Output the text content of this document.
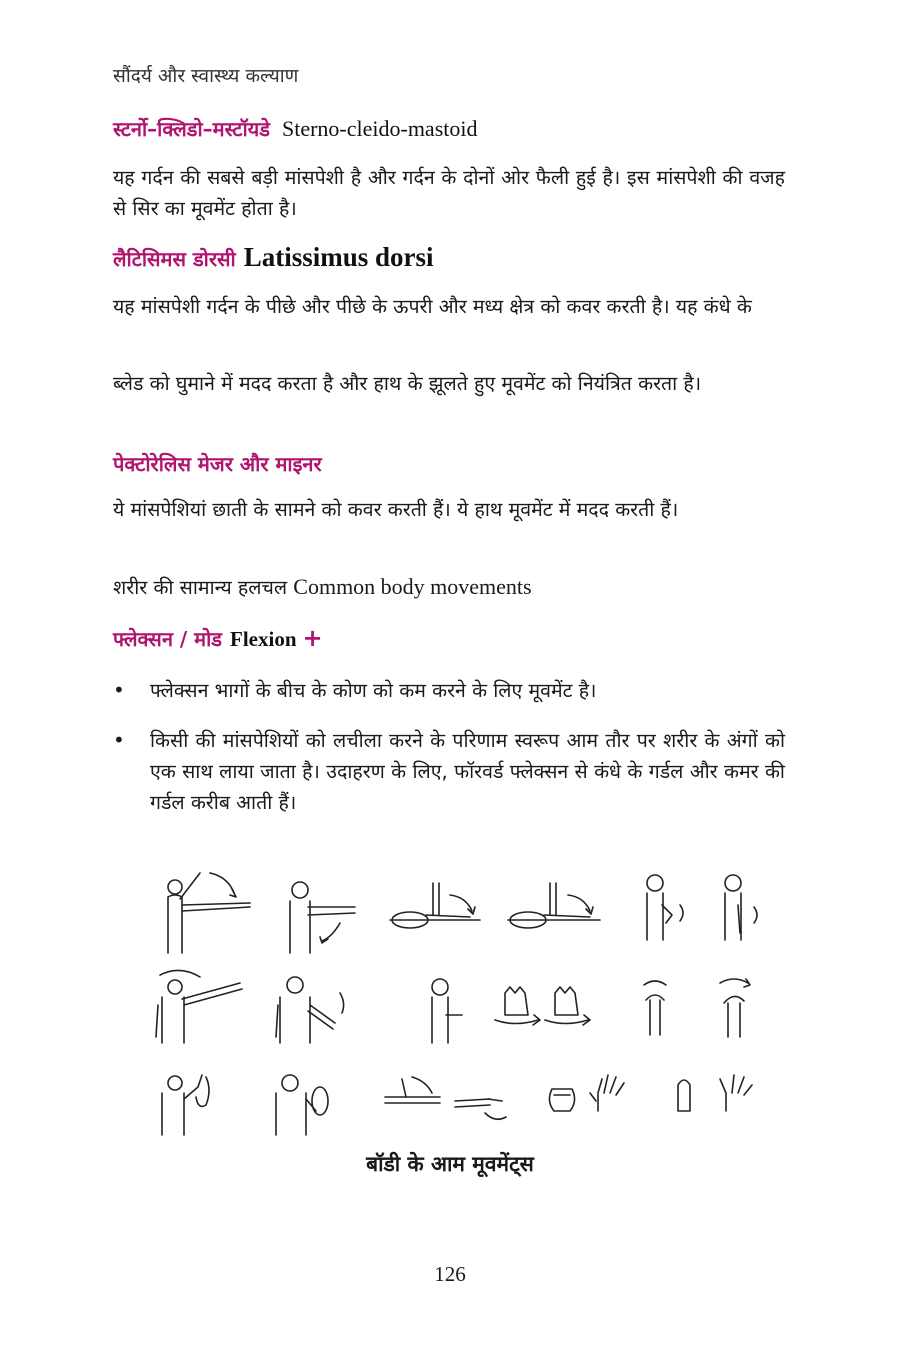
सौंदर्य और स्वास्थ्य कल्याण
स्टर्नो–क्लिडो–मस्टॉयडे Sterno-cleido-mastoid

यह गर्दन की सबसे बड़ी मांसपेशी है और गर्दन के दोनों ओर फैली हुई है। इस मांसपेशी की वजह से सिर का मूवमेंट होता है।

लैटिसिमस डोरसी Latissimus dorsi

यह मांसपेशी गर्दन के पीछे और पीछे के ऊपरी और मध्य क्षेत्र को कवर करती है। यह कंधे के

ब्लेड को घुमाने में मदद करता है और हाथ के झूलते हुए मूवमेंट को नियंत्रित करता है।

पेक्टोरेलिस मेजर और माइनर

ये मांसपेशियां छाती के सामने को कवर करती हैं। ये हाथ मूवमेंट में मदद करती हैं।

शरीर की सामान्य हलचल Common body movements

फ्लेक्सन / मोड Flexion +
• फ्लेक्सन भागों के बीच के कोण को कम करने के लिए मूवमेंट है।

• किसी की मांसपेशियों को लचीला करने के परिणाम स्वरूप आम तौर पर शरीर के अंगों को एक साथ लाया जाता है। उदाहरण के लिए, फॉरवर्ड फ्लेक्सन से कंधे के गर्डल और कमर की गर्डल करीब आती हैं।

बॉडी के आम मूवमेंट्स
126
